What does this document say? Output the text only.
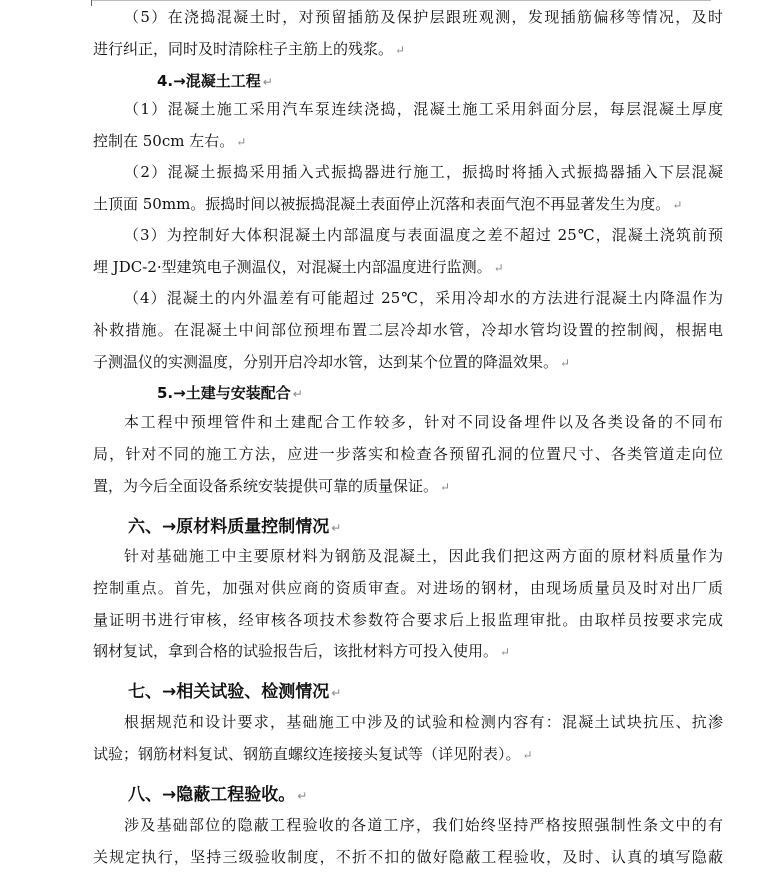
（5）在浇捣混凝土时，对预留插筋及保护层跟班观测，发现插筋偏移等情况，及时
进行纠正，同时及时清除柱子主筋上的残浆。 ↵
4.→混凝土工程 ↵
（1）混凝土施工采用汽车泵连续浇捣，混凝土施工采用斜面分层，每层混凝土厚度
控制在 50cm 左右。 ↵
（2）混凝土振捣采用插入式振捣器进行施工，振捣时将插入式振捣器插入下层混凝
土顶面 50mm。振捣时间以被振捣混凝土表面停止沉落和表面气泡不再显著发生为度。 ↵
（3）为控制好大体积混凝土内部温度与表面温度之差不超过 25℃，混凝土浇筑前预
埋 JDC-2·型建筑电子测温仪，对混凝土内部温度进行监测。 ↵
（4）混凝土的内外温差有可能超过 25℃，采用冷却水的方法进行混凝土内降温作为
补救措施。在混凝土中间部位预埋布置二层冷却水管，冷却水管均设置的控制阀，根据电
子测温仪的实测温度，分别开启冷却水管，达到某个位置的降温效果。 ↵
5.→土建与安装配合 ↵
本工程中预埋管件和土建配合工作较多，针对不同设备埋件以及各类设备的不同布
局，针对不同的施工方法，应进一步落实和检查各预留孔洞的位置尺寸、各类管道走向位
置，为今后全面设备系统安装提供可靠的质量保证。 ↵
六、→原材料质量控制情况 ↵
针对基础施工中主要原材料为钢筋及混凝土，因此我们把这两方面的原材料质量作为
控制重点。首先，加强对供应商的资质审查。对进场的钢材，由现场质量员及时对出厂质
量证明书进行审核，经审核各项技术参数符合要求后上报监理审批。由取样员按要求完成
钢材复试，拿到合格的试验报告后，该批材料方可投入使用。 ↵
七、→相关试验、检测情况 ↵
根据规范和设计要求，基础施工中涉及的试验和检测内容有：混凝土试块抗压、抗渗
试验；钢筋材料复试、钢筋直螺纹连接接头复试等（详见附表）。 ↵
八、→隐蔽工程验收。 ↵
涉及基础部位的隐蔽工程验收的各道工序，我们始终坚持严格按照强制性条文中的有
关规定执行，坚持三级验收制度，不折不扣的做好隐蔽工程验收，及时、认真的填写隐蔽
